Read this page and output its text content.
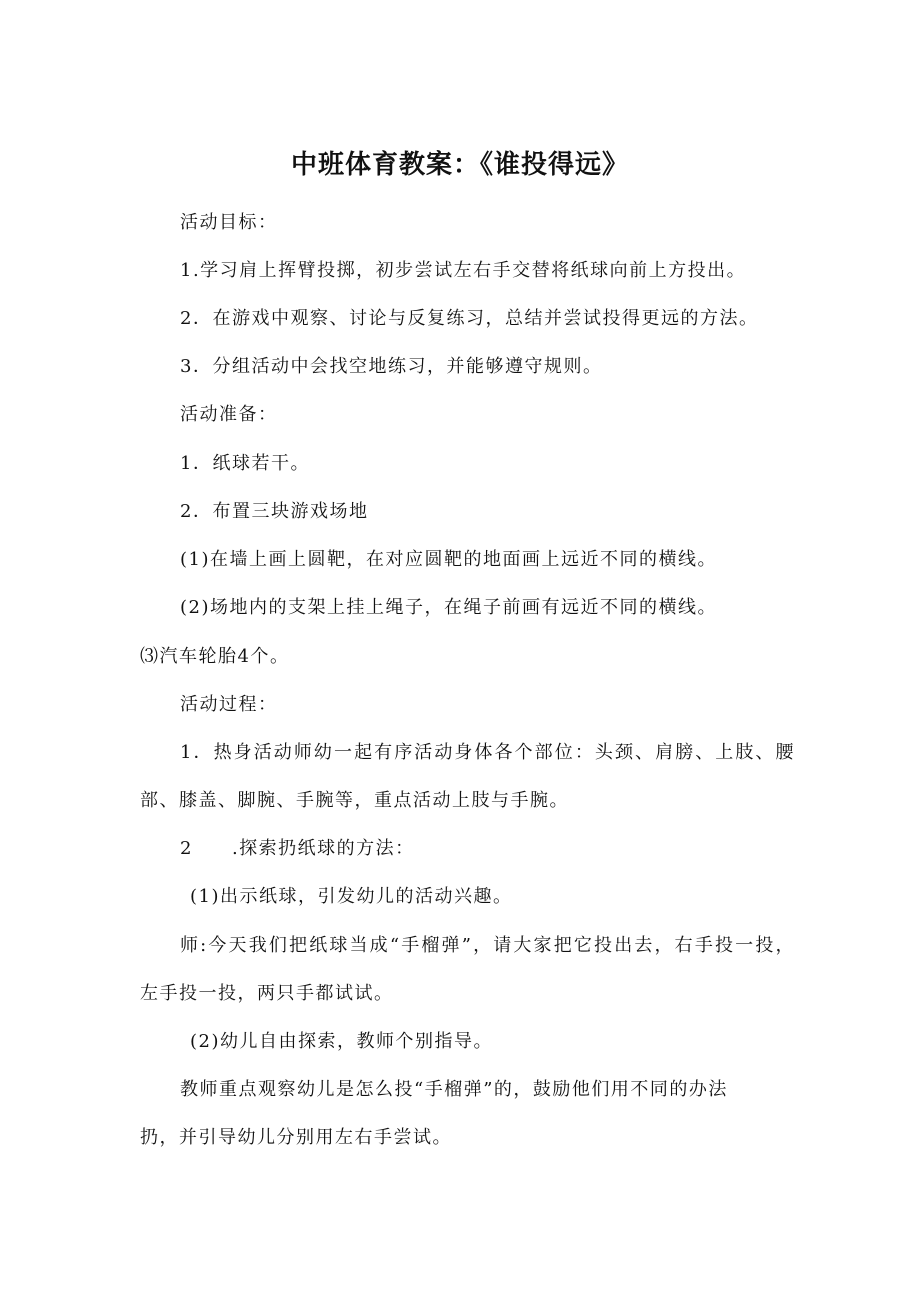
中班体育教案：《谁投得远》
活动目标：
1.学习肩上挥臂投掷，初步尝试左右手交替将纸球向前上方投出。
2．在游戏中观察、讨论与反复练习，总结并尝试投得更远的方法。
3．分组活动中会找空地练习，并能够遵守规则。
活动准备：
1．纸球若干。
2．布置三块游戏场地
(1)在墙上画上圆靶，在对应圆靶的地面画上远近不同的横线。
(2)场地内的支架上挂上绳子，在绳子前画有远近不同的横线。
⑶汽车轮胎4个。
活动过程：
1．热身活动师幼一起有序活动身体各个部位：头颈、肩膀、上肢、腰
部、膝盖、脚腕、手腕等，重点活动上肢与手腕。
2　　.探索扔纸球的方法：
(1)出示纸球，引发幼儿的活动兴趣。
师:今天我们把纸球当成“手榴弹”，请大家把它投出去，右手投一投，
左手投一投，两只手都试试。
(2)幼儿自由探索，教师个别指导。
教师重点观察幼儿是怎么投“手榴弹”的，鼓励他们用不同的办法
扔，并引导幼儿分别用左右手尝试。
